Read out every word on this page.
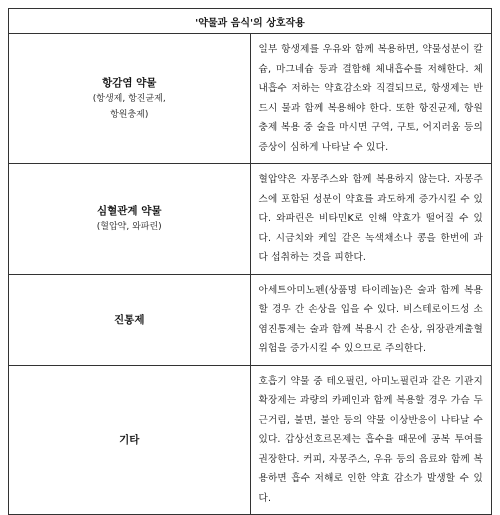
'약물과 음식'의 상호작용	

항감염 약물
(항생제, 항진균제,
항원충제)	일부 항생제를 우유와 함께 복용하면, 약물성분이 칼슘, 마그네슘 등과 결합해 체내흡수를 저해한다. 체내흡수 저하는 약효감소와 직결되므로, 항생제는 반드시 물과 함께 복용해야 한다. 또한 항진균제, 항원충제 복용 중 술을 마시면 구역, 구토, 어지러움 등의 증상이 심하게 나타날 수 있다.

심혈관계 약물
(혈압약, 와파린)	혈압약은 자몽주스와 함께 복용하지 않는다. 자몽주스에 포함된 성분이 약효를 과도하게 증가시킬 수 있다. 와파린은 비타민K로 인해 약효가 떨어질 수 있다. 시금치와 케일 같은 녹색채소나 콩을 한번에 과다 섭취하는 것을 피한다.

진통제	아세트아미노펜(상품명 타이레놀)은 술과 함께 복용할 경우 간 손상을 입을 수 있다. 비스테로이드성 소염진통제는 술과 함께 복용시 간 손상, 위장관계출혈 위험을 증가시킬 수 있으므로 주의한다.

기타	호흡기 약물 중 테오필린, 아미노필린과 같은 기관지확장제는 과량의 카페인과 함께 복용할 경우 가슴 두근거림, 불면, 불안 등의 약물 이상반응이 나타날 수 있다. 갑상선호르몬제는 흡수율 때문에 공복 투여를 권장한다. 커피, 자몽주스, 우유 등의 음료와 함께 복용하면 흡수 저해로 인한 약효 감소가 발생할 수 있다.
